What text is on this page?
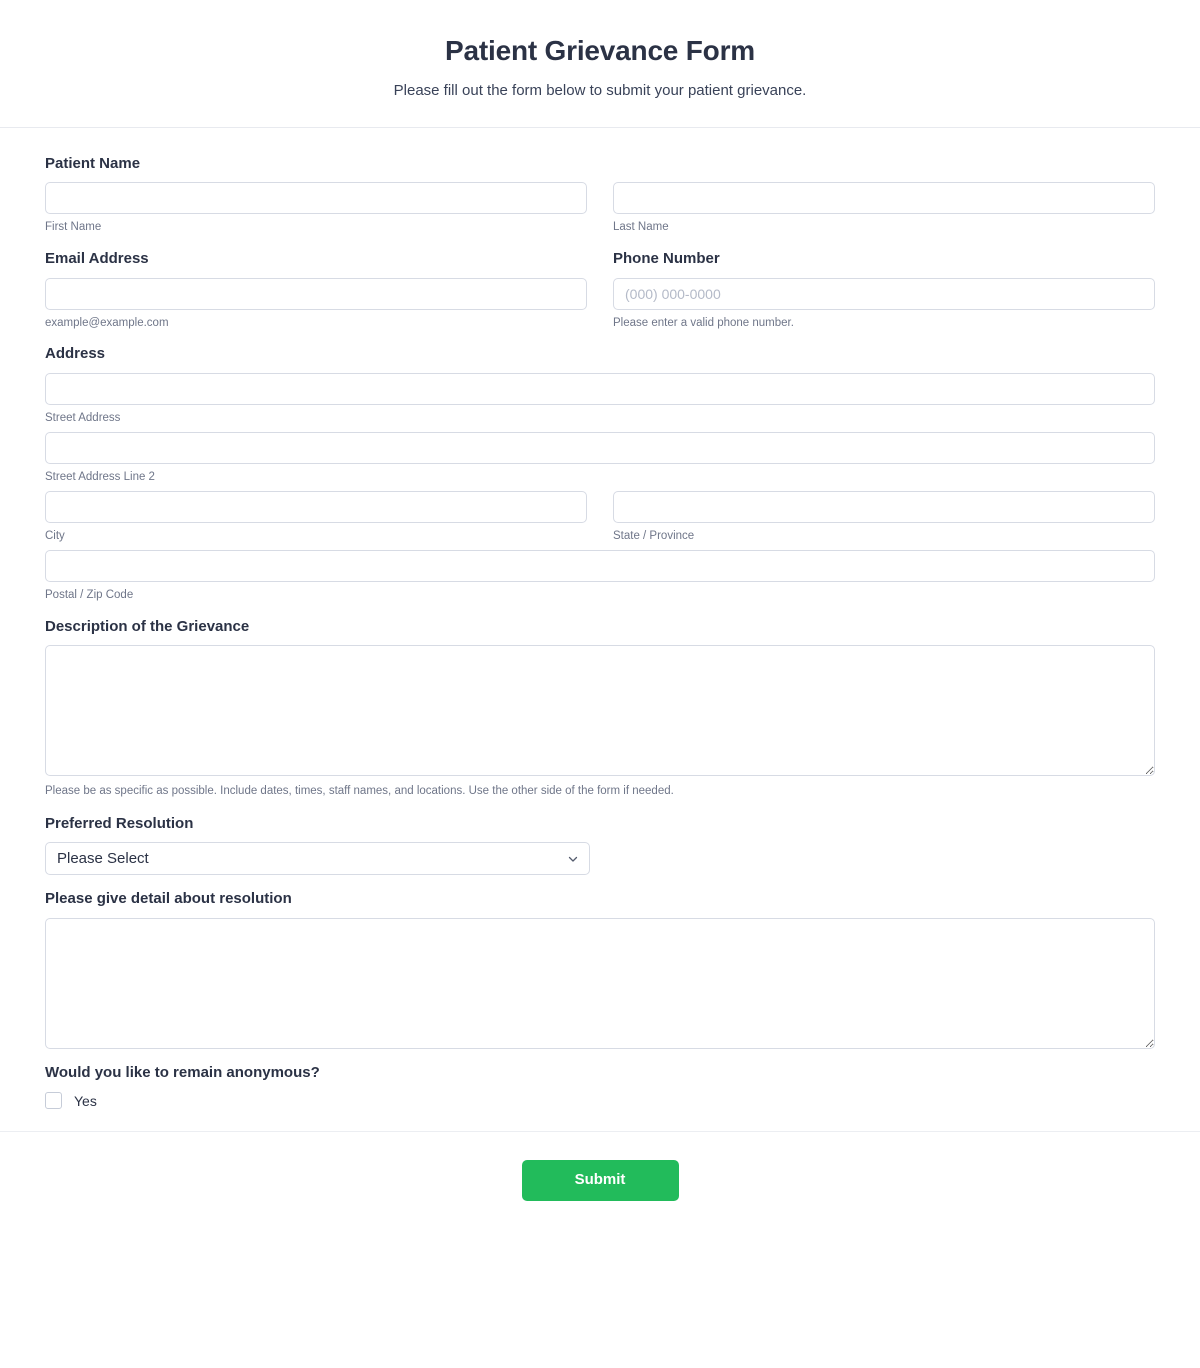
Patient Grievance Form

Please fill out the form below to submit your patient grievance.

Patient Name
First Name	Last Name
Email Address
example@example.com
Phone Number
(000) 000-0000
Please enter a valid phone number.
Address
Street Address
Street Address Line 2
City	State / Province
Postal / Zip Code
Description of the Grievance
Please be as specific as possible. Include dates, times, staff names, and locations. Use the other side of the form if needed.
Preferred Resolution
Please Select
Please give detail about resolution
Would you like to remain anonymous?
Yes
Submit
